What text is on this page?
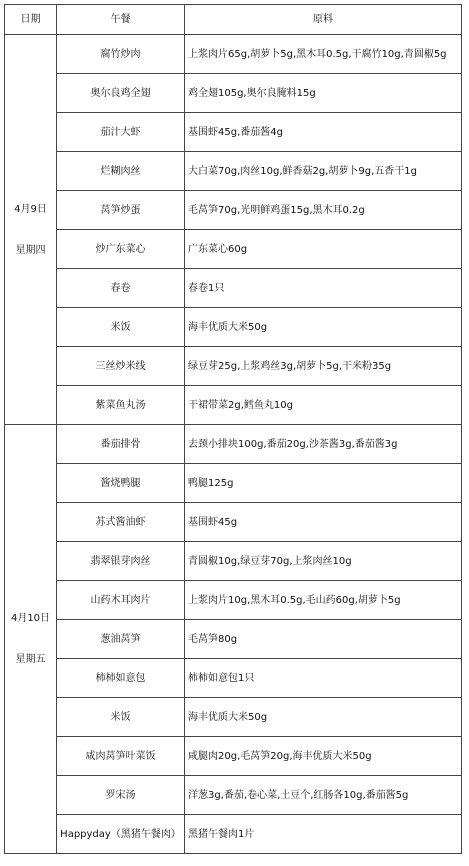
日期	午餐	原料

4月9日
星期四	腐竹炒肉	上浆肉片65g,胡萝卜5g,黑木耳0.5g,干腐竹10g,青圆椒5g
	奥尔良鸡全翅	鸡全翅105g,奥尔良腌料15g
	茄汁大虾	基围虾45g,番茄酱4g
	烂糊肉丝	大白菜70g,肉丝10g,鲜香菇2g,胡萝卜9g,五香干1g
	莴笋炒蛋	毛莴笋70g,光明鲜鸡蛋15g,黑木耳0.2g
	炒广东菜心	广东菜心60g
	春卷	春卷1只
	米饭	海丰优质大米50g
	三丝炒米线	绿豆芽25g,上浆鸡丝3g,胡萝卜5g,干米粉35g
	紫菜鱼丸汤	干裙带菜2g,鳕鱼丸10g

4月10日
星期五	番茄排骨	去颈小排块100g,番茄20g,沙茶酱3g,番茄酱3g
	酱烧鸭腿	鸭腿125g
	苏式酱油虾	基围虾45g
	翡翠银芽肉丝	青圆椒10g,绿豆芽70g,上浆肉丝10g
	山药木耳肉片	上浆肉片10g,黑木耳0.5g,毛山药60g,胡萝卜5g
	葱油莴笋	毛莴笋80g
	柿柿如意包	柿柿如意包1只
	米饭	海丰优质大米50g
	咸肉莴笋叶菜饭	咸腿肉20g,毛莴笋20g,海丰优质大米50g
	罗宋汤	洋葱3g,番茄,卷心菜,土豆个,红肠各10g,番茄酱5g
	Happyday（黑猪午餐肉）	黑猪午餐肉1片
